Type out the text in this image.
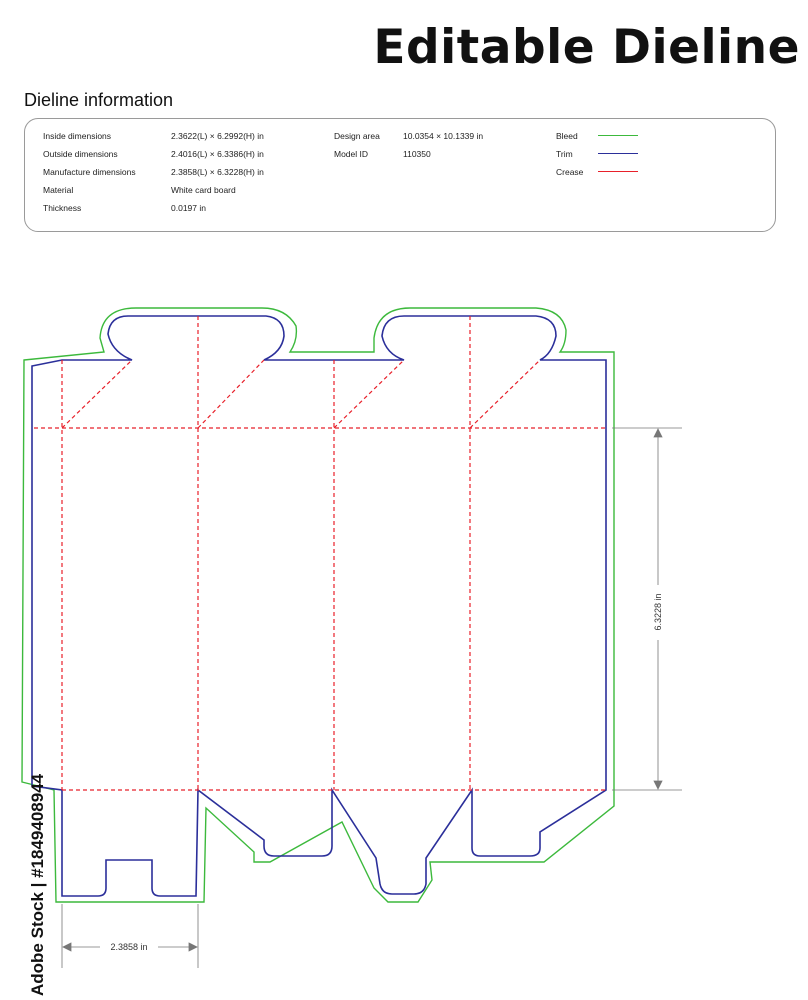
Editable Dieline
Dieline information
Inside dimensions	2.3622(L) × 6.2992(H) in
Outside dimensions	2.4016(L) × 6.3386(H) in
Manufacture dimensions	2.3858(L) × 6.3228(H) in
Material	White card board
Thickness	0.0197 in
Design area	10.0354 × 10.1339 in
Model ID	110350
Bleed
Trim
Crease
6.3228 in
2.3858 in
Adobe Stock | #1849408944
